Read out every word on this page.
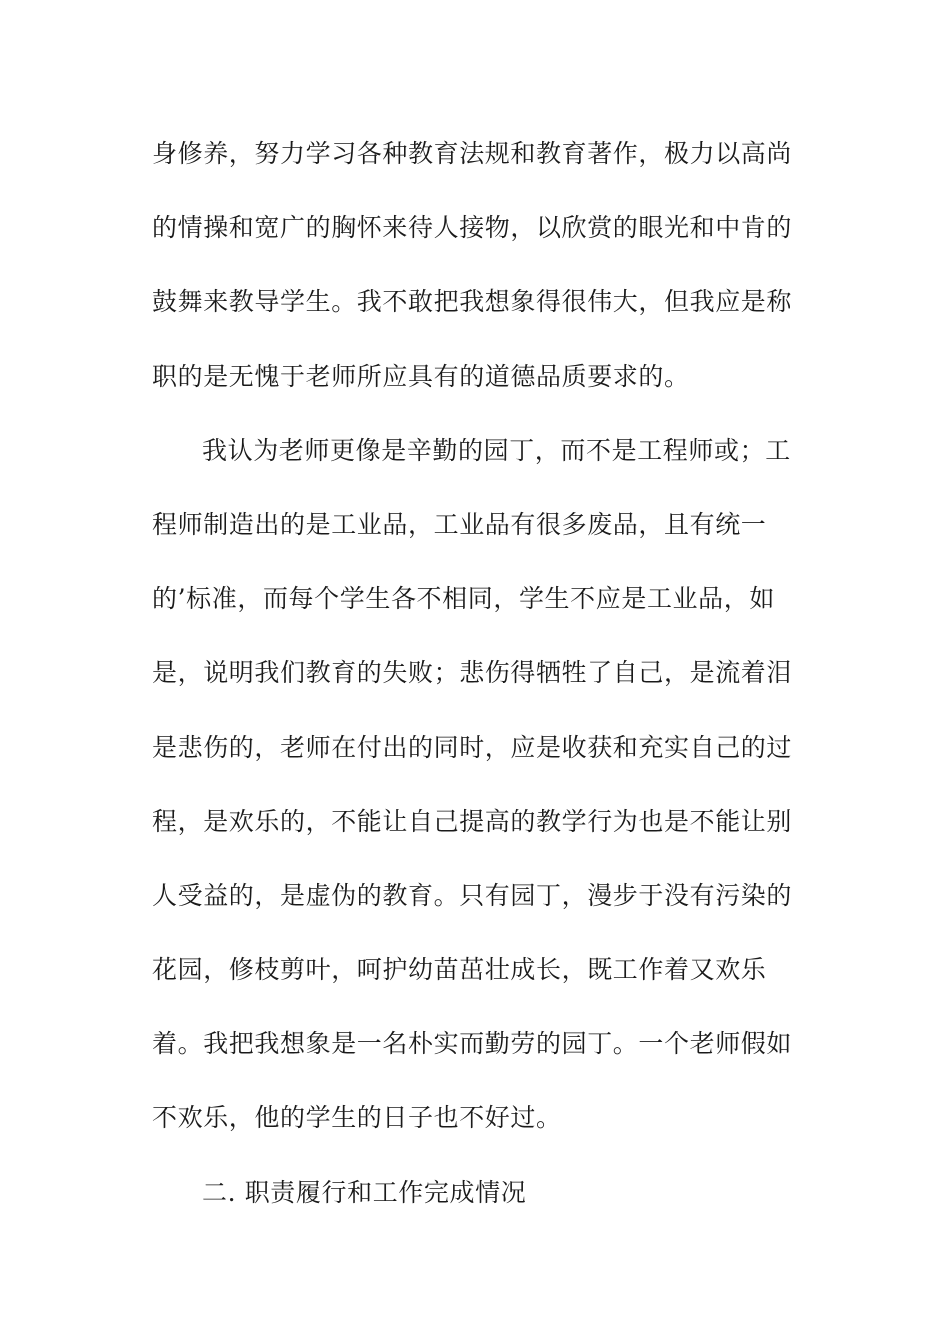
身修养，努力学习各种教育法规和教育著作，极力以高尚
的情操和宽广的胸怀来待人接物，以欣赏的眼光和中肯的
鼓舞来教导学生。我不敢把我想象得很伟大，但我应是称
职的是无愧于老师所应具有的道德品质要求的。
我认为老师更像是辛勤的园丁，而不是工程师或；工
程师制造出的是工业品，工业品有很多废品，且有统一
的’标准，而每个学生各不相同，学生不应是工业品，如
是，说明我们教育的失败；悲伤得牺牲了自己，是流着泪
是悲伤的，老师在付出的同时，应是收获和充实自己的过
程，是欢乐的，不能让自己提高的教学行为也是不能让别
人受益的，是虚伪的教育。只有园丁，漫步于没有污染的
花园，修枝剪叶，呵护幼苗茁壮成长，既工作着又欢乐
着。我把我想象是一名朴实而勤劳的园丁。一个老师假如
不欢乐，他的学生的日子也不好过。
二. 职责履行和工作完成情况
